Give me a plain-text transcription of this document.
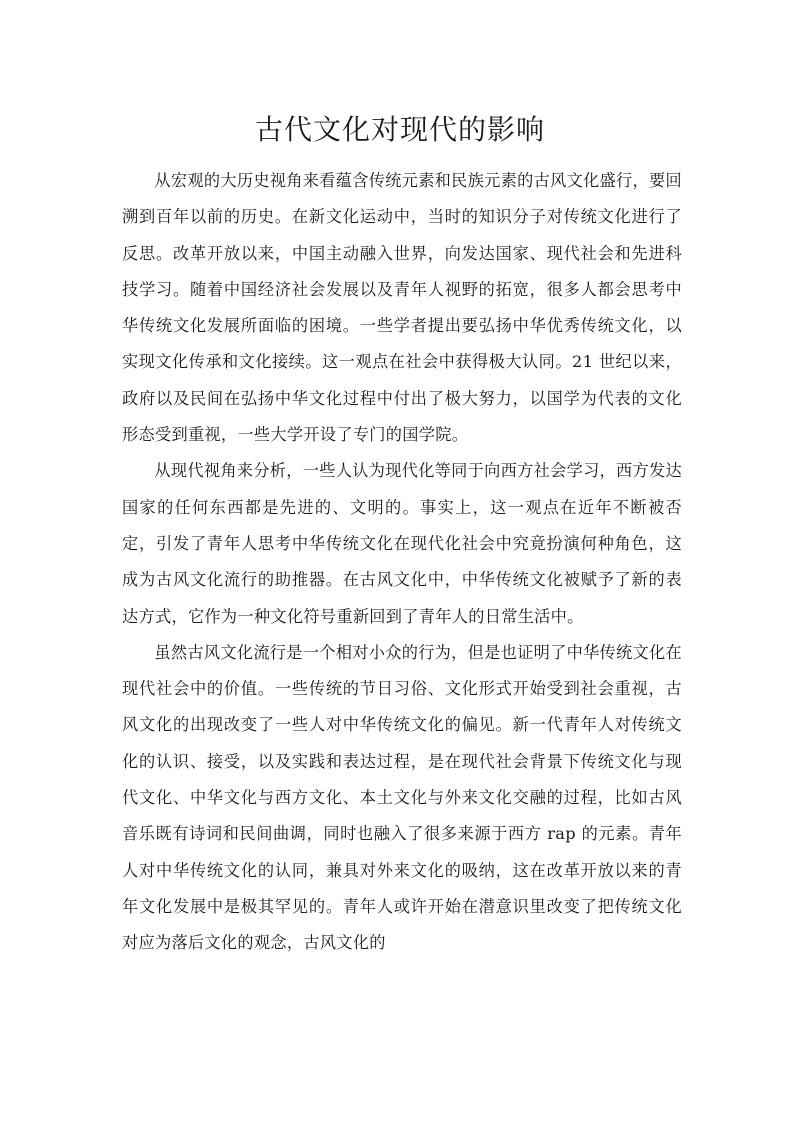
古代文化对现代的影响

从宏观的大历史视角来看蕴含传统元素和民族元素的古风文化盛行，要回溯到百年以前的历史。在新文化运动中，当时的知识分子对传统文化进行了反思。改革开放以来，中国主动融入世界，向发达国家、现代社会和先进科技学习。随着中国经济社会发展以及青年人视野的拓宽，很多人都会思考中华传统文化发展所面临的困境。一些学者提出要弘扬中华优秀传统文化，以实现文化传承和文化接续。这一观点在社会中获得极大认同。21 世纪以来，政府以及民间在弘扬中华文化过程中付出了极大努力，以国学为代表的文化形态受到重视，一些大学开设了专门的国学院。

从现代视角来分析，一些人认为现代化等同于向西方社会学习，西方发达国家的任何东西都是先进的、文明的。事实上，这一观点在近年不断被否定，引发了青年人思考中华传统文化在现代化社会中究竟扮演何种角色，这成为古风文化流行的助推器。在古风文化中，中华传统文化被赋予了新的表达方式，它作为一种文化符号重新回到了青年人的日常生活中。

虽然古风文化流行是一个相对小众的行为，但是也证明了中华传统文化在现代社会中的价值。一些传统的节日习俗、文化形式开始受到社会重视，古风文化的出现改变了一些人对中华传统文化的偏见。新一代青年人对传统文化的认识、接受，以及实践和表达过程，是在现代社会背景下传统文化与现代文化、中华文化与西方文化、本土文化与外来文化交融的过程，比如古风音乐既有诗词和民间曲调，同时也融入了很多来源于西方 rap 的元素。青年人对中华传统文化的认同，兼具对外来文化的吸纳，这在改革开放以来的青年文化发展中是极其罕见的。青年人或许开始在潜意识里改变了把传统文化对应为落后文化的观念，古风文化的
